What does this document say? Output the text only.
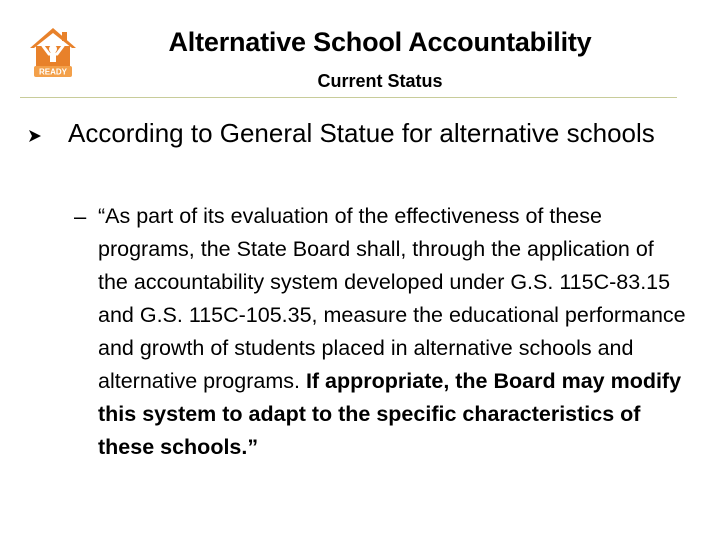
READY
Alternative School Accountability
Current Status
According to General Statue for alternative schools
– “As part of its evaluation of the effectiveness of these programs, the State Board shall, through the application of the accountability system developed under G.S. 115C-83.15 and G.S. 115C-105.35, measure the educational performance and growth of students placed in alternative schools and alternative programs. If appropriate, the Board may modify this system to adapt to the specific characteristics of these schools.”
